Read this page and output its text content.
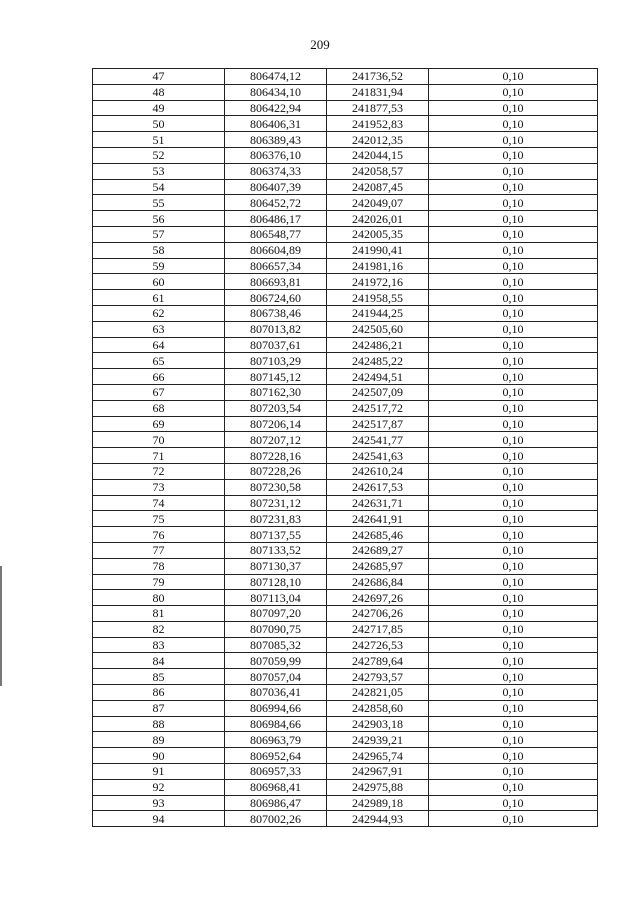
209
47	806474,12	241736,52	0,10
48	806434,10	241831,94	0,10
49	806422,94	241877,53	0,10
50	806406,31	241952,83	0,10
51	806389,43	242012,35	0,10
52	806376,10	242044,15	0,10
53	806374,33	242058,57	0,10
54	806407,39	242087,45	0,10
55	806452,72	242049,07	0,10
56	806486,17	242026,01	0,10
57	806548,77	242005,35	0,10
58	806604,89	241990,41	0,10
59	806657,34	241981,16	0,10
60	806693,81	241972,16	0,10
61	806724,60	241958,55	0,10
62	806738,46	241944,25	0,10
63	807013,82	242505,60	0,10
64	807037,61	242486,21	0,10
65	807103,29	242485,22	0,10
66	807145,12	242494,51	0,10
67	807162,30	242507,09	0,10
68	807203,54	242517,72	0,10
69	807206,14	242517,87	0,10
70	807207,12	242541,77	0,10
71	807228,16	242541,63	0,10
72	807228,26	242610,24	0,10
73	807230,58	242617,53	0,10
74	807231,12	242631,71	0,10
75	807231,83	242641,91	0,10
76	807137,55	242685,46	0,10
77	807133,52	242689,27	0,10
78	807130,37	242685,97	0,10
79	807128,10	242686,84	0,10
80	807113,04	242697,26	0,10
81	807097,20	242706,26	0,10
82	807090,75	242717,85	0,10
83	807085,32	242726,53	0,10
84	807059,99	242789,64	0,10
85	807057,04	242793,57	0,10
86	807036,41	242821,05	0,10
87	806994,66	242858,60	0,10
88	806984,66	242903,18	0,10
89	806963,79	242939,21	0,10
90	806952,64	242965,74	0,10
91	806957,33	242967,91	0,10
92	806968,41	242975,88	0,10
93	806986,47	242989,18	0,10
94	807002,26	242944,93	0,10
